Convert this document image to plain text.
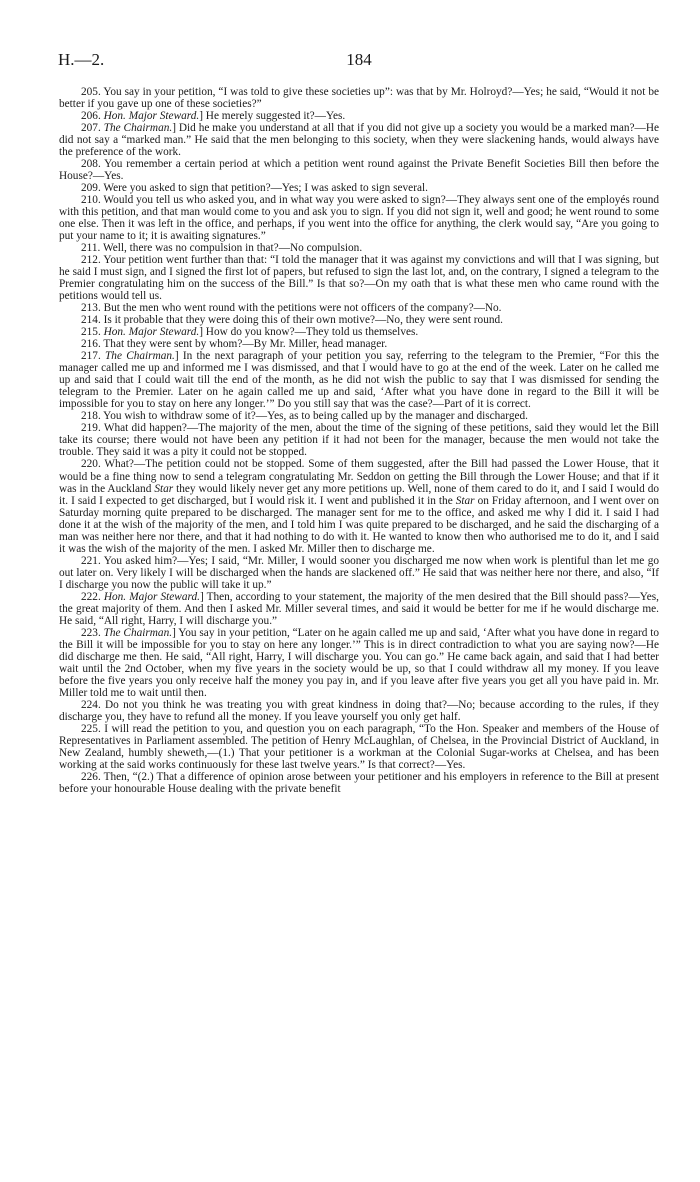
H.—2.	184

205. You say in your petition, “I was told to give these societies up”: was that by Mr. Holroyd?—Yes; he said, “Would it not be better if you gave up one of these societies?”

206. Hon. Major Steward.] He merely suggested it?—Yes.

207. The Chairman.] Did he make you understand at all that if you did not give up a society you would be a marked man?—He did not say a “marked man.” He said that the men belonging to this society, when they were slackening hands, would always have the preference of the work.

208. You remember a certain period at which a petition went round against the Private Benefit Societies Bill then before the House?—Yes.

209. Were you asked to sign that petition?—Yes; I was asked to sign several.

210. Would you tell us who asked you, and in what way you were asked to sign?—They always sent one of the employés round with this petition, and that man would come to you and ask you to sign. If you did not sign it, well and good; he went round to some one else. Then it was left in the office, and perhaps, if you went into the office for anything, the clerk would say, “Are you going to put your name to it; it is awaiting signatures.”

211. Well, there was no compulsion in that?—No compulsion.

212. Your petition went further than that: “I told the manager that it was against my convictions and will that I was signing, but he said I must sign, and I signed the first lot of papers, but refused to sign the last lot, and, on the contrary, I signed a telegram to the Premier congratulating him on the success of the Bill.” Is that so?—On my oath that is what these men who came round with the petitions would tell us.

213. But the men who went round with the petitions were not officers of the company?—No.

214. Is it probable that they were doing this of their own motive?—No, they were sent round.

215. Hon. Major Steward.] How do you know?—They told us themselves.

216. That they were sent by whom?—By Mr. Miller, head manager.

217. The Chairman.] In the next paragraph of your petition you say, referring to the telegram to the Premier, “For this the manager called me up and informed me I was dismissed, and that I would have to go at the end of the week. Later on he called me up and said that I could wait till the end of the month, as he did not wish the public to say that I was dismissed for sending the telegram to the Premier. Later on he again called me up and said, ‘After what you have done in regard to the Bill it will be impossible for you to stay on here any longer.’” Do you still say that was the case?—Part of it is correct.

218. You wish to withdraw some of it?—Yes, as to being called up by the manager and discharged.

219. What did happen?—The majority of the men, about the time of the signing of these petitions, said they would let the Bill take its course; there would not have been any petition if it had not been for the manager, because the men would not take the trouble. They said it was a pity it could not be stopped.

220. What?—The petition could not be stopped. Some of them suggested, after the Bill had passed the Lower House, that it would be a fine thing now to send a telegram congratulating Mr. Seddon on getting the Bill through the Lower House; and that if it was in the Auckland Star they would likely never get any more petitions up. Well, none of them cared to do it, and I said I would do it. I said I expected to get discharged, but I would risk it. I went and published it in the Star on Friday afternoon, and I went over on Saturday morning quite prepared to be discharged. The manager sent for me to the office, and asked me why I did it. I said I had done it at the wish of the majority of the men, and I told him I was quite prepared to be discharged, and he said the discharging of a man was neither here nor there, and that it had nothing to do with it. He wanted to know then who authorised me to do it, and I said it was the wish of the majority of the men. I asked Mr. Miller then to discharge me.

221. You asked him?—Yes; I said, “Mr. Miller, I would sooner you discharged me now when work is plentiful than let me go out later on. Very likely I will be discharged when the hands are slackened off.” He said that was neither here nor there, and also, “If I discharge you now the public will take it up.”

222. Hon. Major Steward.] Then, according to your statement, the majority of the men desired that the Bill should pass?—Yes, the great majority of them. And then I asked Mr. Miller several times, and said it would be better for me if he would discharge me. He said, “All right, Harry, I will discharge you.”

223. The Chairman.] You say in your petition, “Later on he again called me up and said, ‘After what you have done in regard to the Bill it will be impossible for you to stay on here any longer.’” This is in direct contradiction to what you are saying now?—He did discharge me then. He said, “All right, Harry, I will discharge you. You can go.” He came back again, and said that I had better wait until the 2nd October, when my five years in the society would be up, so that I could withdraw all my money. If you leave before the five years you only receive half the money you pay in, and if you leave after five years you get all you have paid in. Mr. Miller told me to wait until then.

224. Do not you think he was treating you with great kindness in doing that?—No; because according to the rules, if they discharge you, they have to refund all the money. If you leave yourself you only get half.

225. I will read the petition to you, and question you on each paragraph, “To the Hon. Speaker and members of the House of Representatives in Parliament assembled. The petition of Henry McLaughlan, of Chelsea, in the Provincial District of Auckland, in New Zealand, humbly sheweth,—(1.) That your petitioner is a workman at the Colonial Sugar-works at Chelsea, and has been working at the said works continuously for these last twelve years.” Is that correct?—Yes.

226. Then, “(2.) That a difference of opinion arose between your petitioner and his employers in reference to the Bill at present before your honourable House dealing with the private benefit
